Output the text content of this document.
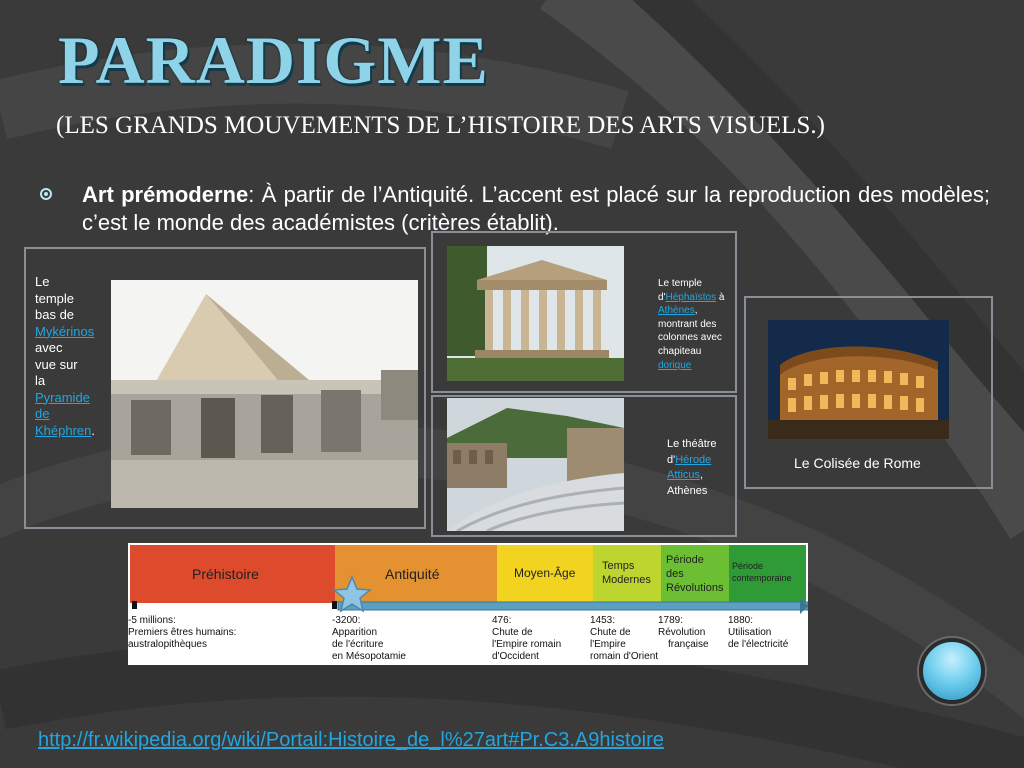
PARADIGME

(LES GRANDS MOUVEMENTS DE L’HISTOIRE DES ARTS VISUELS.)

Art prémoderne: À partir de l’Antiquité. L’accent est placé sur la reproduction des modèles; c’est le monde des académistes (critères établit).
Le temple bas de Mykérinos avec vue sur la Pyramide de Khéphren.
Le temple d'Héphaïstos à Athènes, montrant des colonnes avec chapiteau dorique
Le théâtre d'Hérode Atticus, Athènes
Le Colisée de Rome
Préhistoire	Antiquité	Moyen-Âge Temps
Modernes
Période
des
Révolutions
Période
contemporaine
-5 millions:
Premiers êtres humains:
australopithèques
-3200:
Apparition
de l'écriture
en Mésopotamie
476:
Chute de
l'Empire romain
d'Occident
1453:
Chute de
l'Empire
romain d'Orient
1789:
Révolution
française
1880:
Utilisation
de l'électricité
http://fr.wikipedia.org/wiki/Portail:Histoire_de_l%27art#Pr.C3.A9histoire
